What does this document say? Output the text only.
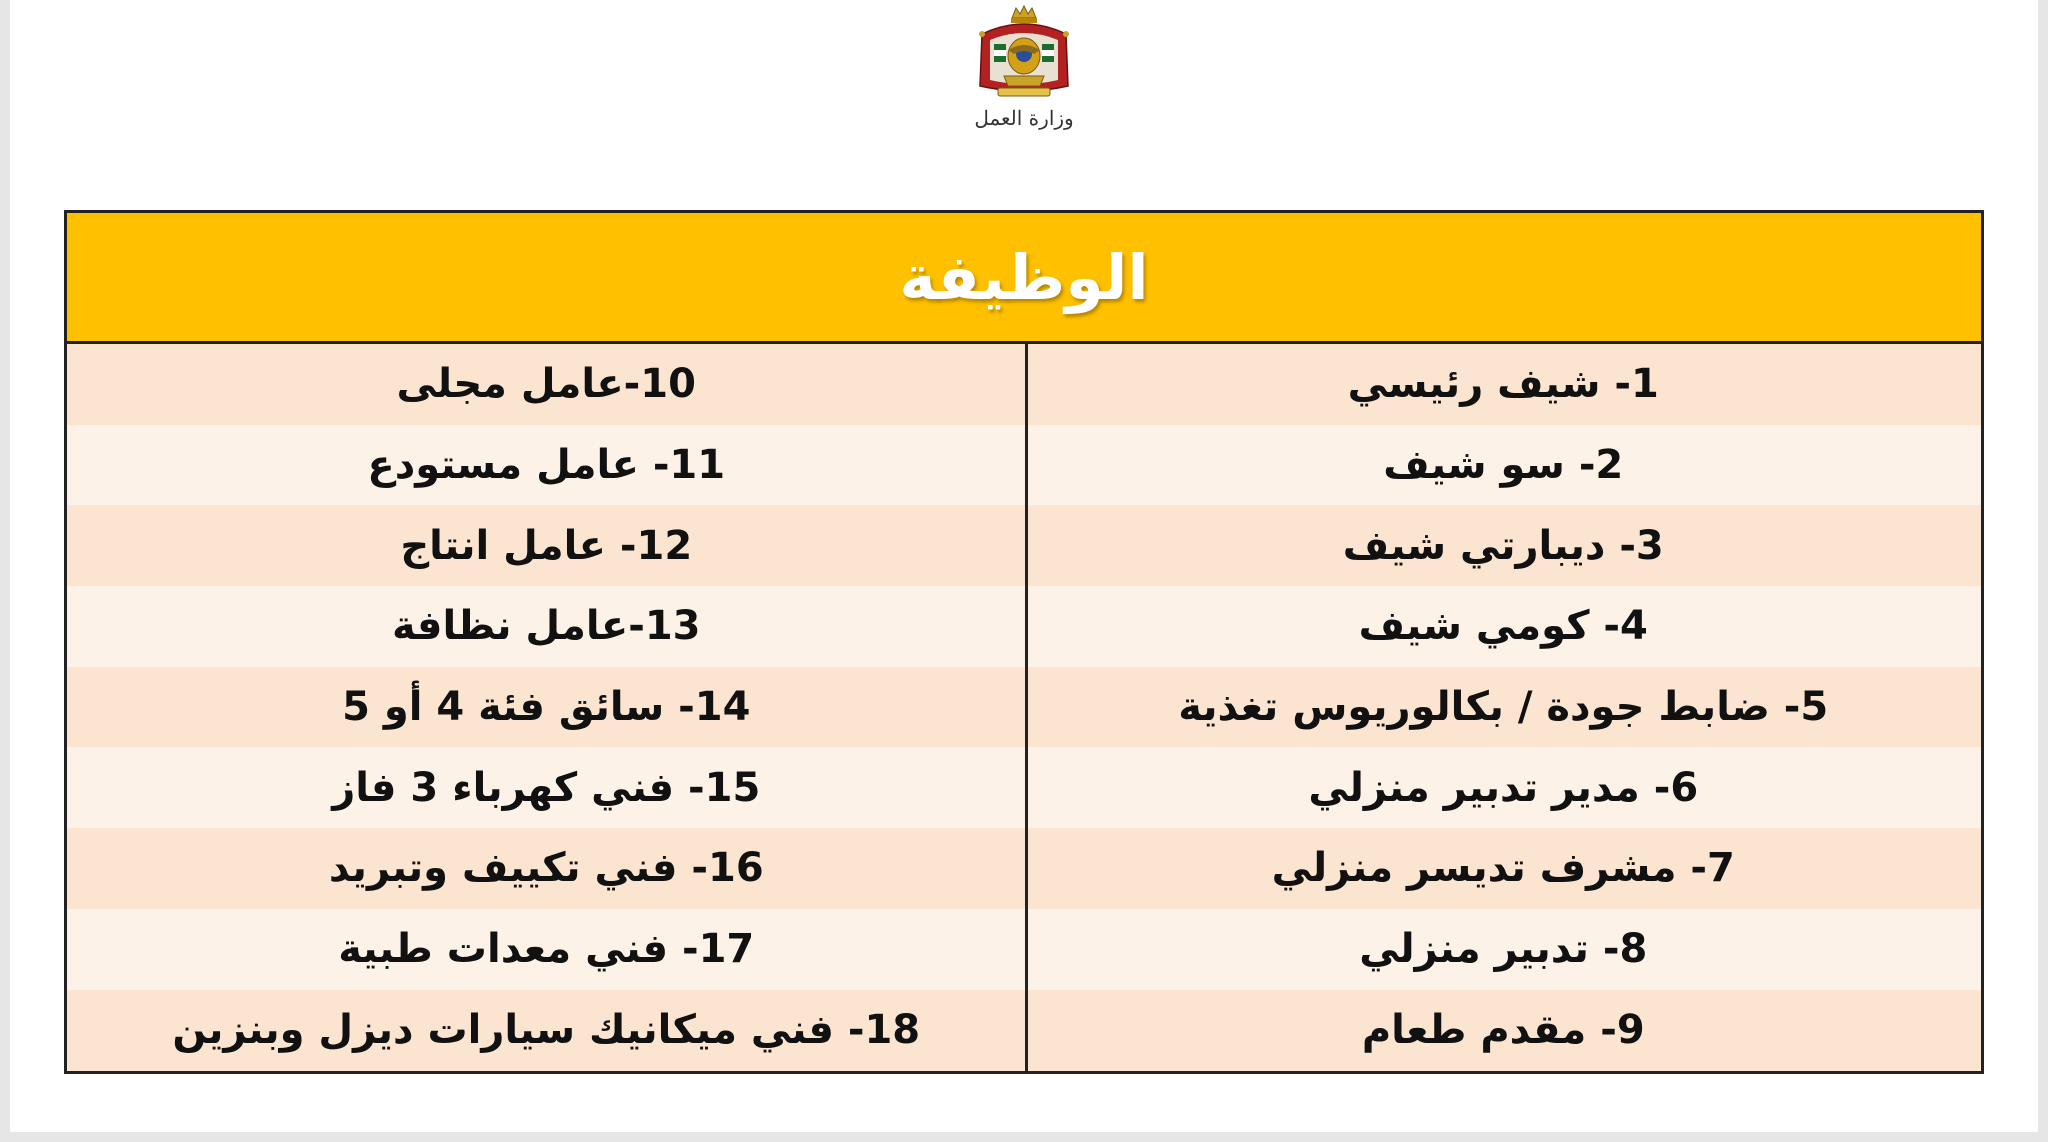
وزارة العمل
الوظيفة
1- شيف رئيسي
10-عامل مجلى
2- سو شيف
11- عامل مستودع
3- ديبارتي شيف
12- عامل انتاج
4- كومي شيف
13-عامل نظافة
5- ضابط جودة / بكالوريوس تغذية
14- سائق فئة 4 أو 5
6- مدير تدبير منزلي
15- فني كهرباء 3 فاز
7- مشرف تديسر منزلي
16- فني تكييف وتبريد
8- تدبير منزلي
17- فني معدات طبية
9- مقدم طعام
18- فني ميكانيك سيارات ديزل وبنزين
